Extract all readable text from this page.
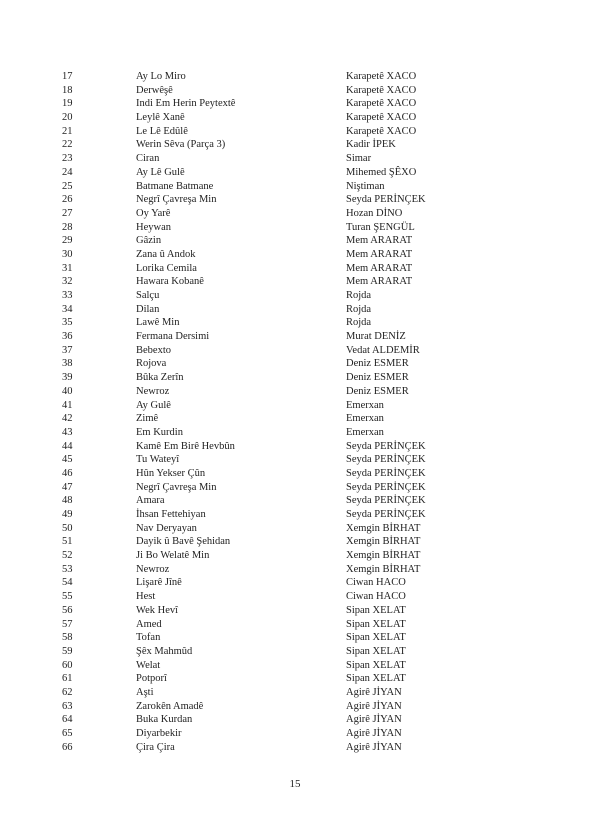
17	Ay Lo Miro	Karapetê XACO
18	Derwêşê	Karapetê XACO
19	Indi Em Herin Peytextê	Karapetê XACO
20	Leylê Xanê	Karapetê XACO
21	Le Lê Edûlê	Karapetê XACO
22	Werin Sêva (Parça 3)	Kadir İPEK
23	Ciran	Simar
24	Ay Lê Gulê	Mihemed ŞÊXO
25	Batmane Batmane	Niştiman
26	Negrî Çavreşa Min	Seyda PERİNÇEK
27	Oy Yarê	Hozan DİNO
28	Heywan	Turan ŞENGÜL
29	Gâzin	Mem ARARAT
30	Zana û Andok	Mem ARARAT
31	Lorika Cemila	Mem ARARAT
32	Hawara Kobanê	Mem ARARAT
33	Salçu	Rojda
34	Dilan	Rojda
35	Lawê Min	Rojda
36	Fermana Dersimi	Murat DENİZ
37	Bebexto	Vedat ALDEMİR
38	Rojova	Deniz ESMER
39	Bûka Zerîn	Deniz ESMER
40	Newroz	Deniz ESMER
41	Ay Gulê	Emerxan
42	Zimê	Emerxan
43	Em Kurdin	Emerxan
44	Kamê Em Birê Hevbûn	Seyda PERİNÇEK
45	Tu Wateyî	Seyda PERİNÇEK
46	Hûn Yekser Çûn	Seyda PERİNÇEK
47	Negrî Çavreşa Min	Seyda PERİNÇEK
48	Amara	Seyda PERİNÇEK
49	İhsan Fettehiyan	Seyda PERİNÇEK
50	Nav Deryayan	Xemgin BİRHAT
51	Dayik û Bavê Şehidan	Xemgin BİRHAT
52	Ji Bo Welatê Min	Xemgin BİRHAT
53	Newroz	Xemgin BİRHAT
54	Lişarê Jînê	Ciwan HACO
55	Hest	Ciwan HACO
56	Wek Hevî	Sipan XELAT
57	Amed	Sipan XELAT
58	Tofan	Sipan XELAT
59	Şêx Mahmûd	Sipan XELAT
60	Welat	Sipan XELAT
61	Potporî	Sipan XELAT
62	Aşti	Agirê JİYAN
63	Zarokên Amadê	Agirê JİYAN
64	Buka Kurdan	Agirê JİYAN
65	Diyarbekir	Agirê JİYAN
66	Çira Çira	Agirê JİYAN
15
